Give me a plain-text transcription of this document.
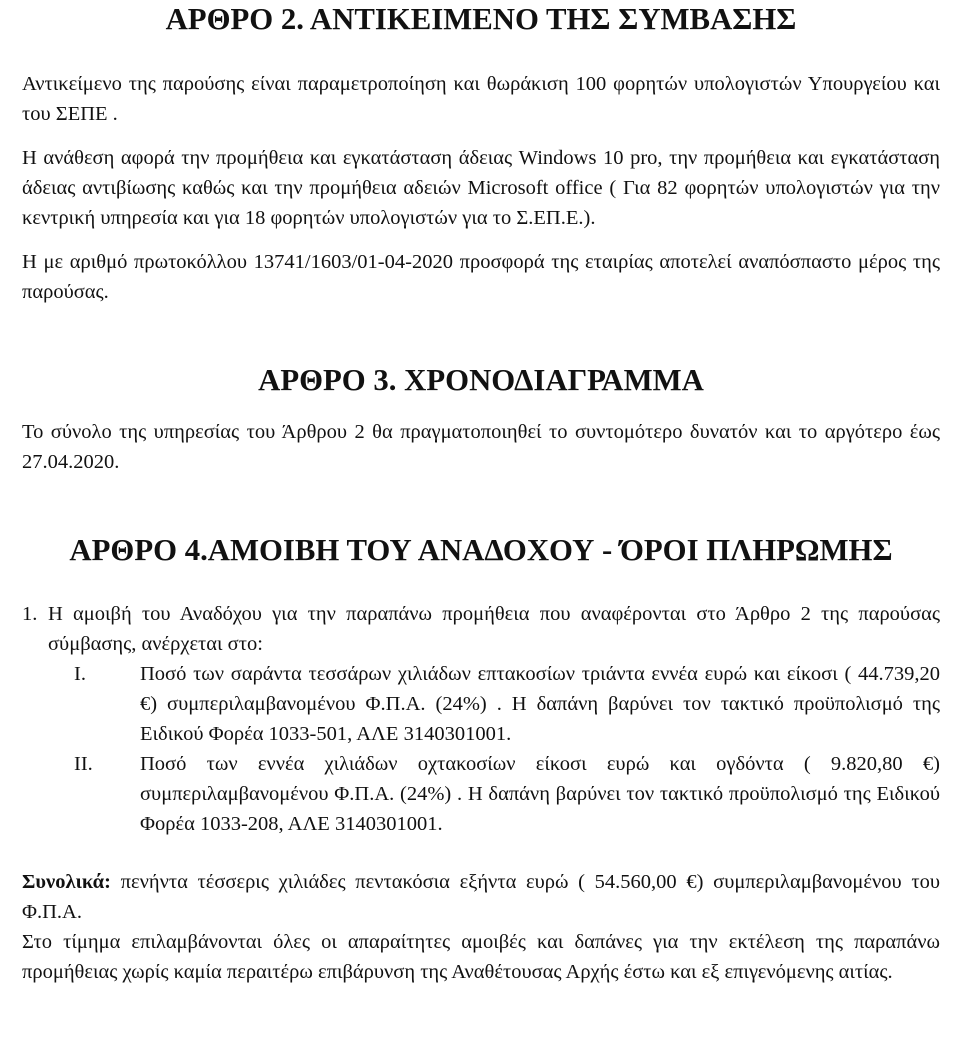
ΑΡΘΡΟ 2. ΑΝΤΙΚΕΙΜΕΝΟ ΤΗΣ ΣΥΜΒΑΣΗΣ

Αντικείμενο της παρούσης είναι παραμετροποίηση και θωράκιση 100 φορητών υπολογιστών Υπουργείου και του ΣΕΠΕ .

Η ανάθεση αφορά την προμήθεια και εγκατάσταση άδειας Windows 10 pro, την προμήθεια και εγκατάσταση άδειας αντιβίωσης καθώς και την προμήθεια αδειών Microsoft office ( Για 82 φορητών υπολογιστών για την κεντρική υπηρεσία και για 18 φορητών υπολογιστών για το Σ.ΕΠ.Ε.).

Η με αριθμό πρωτοκόλλου 13741/1603/01-04-2020 προσφορά της εταιρίας αποτελεί αναπόσπαστο μέρος της παρούσας.

ΑΡΘΡΟ 3. ΧΡΟΝΟΔΙΑΓΡΑΜΜΑ

Το σύνολο της υπηρεσίας του Άρθρου 2 θα πραγματοποιηθεί το συντομότερο δυνατόν και το αργότερο έως 27.04.2020.

ΑΡΘΡΟ 4.ΑΜΟΙΒΗ ΤΟΥ ΑΝΑΔΟΧΟΥ - ΌΡΟΙ ΠΛΗΡΩΜΗΣ
1. Η αμοιβή του Αναδόχου για την παραπάνω προμήθεια που αναφέρονται στο Άρθρο 2 της παρούσας σύμβασης, ανέρχεται στο:

I.	Ποσό των σαράντα τεσσάρων χιλιάδων επτακοσίων τριάντα εννέα ευρώ και είκοσι ( 44.739,20 €) συμπεριλαμβανομένου Φ.Π.Α. (24%) . Η δαπάνη βαρύνει τον τακτικό προϋπολισμό της Ειδικού Φορέα 1033-501, ΑΛΕ 3140301001.

II.	Ποσό των εννέα χιλιάδων οχτακοσίων είκοσι ευρώ και ογδόντα ( 9.820,80 €) συμπεριλαμβανομένου Φ.Π.Α. (24%) . Η δαπάνη βαρύνει τον τακτικό προϋπολισμό της Ειδικού Φορέα 1033-208, ΑΛΕ 3140301001.

Συνολικά: πενήντα τέσσερις χιλιάδες πεντακόσια εξήντα ευρώ ( 54.560,00 €) συμπεριλαμβανομένου του Φ.Π.Α.

Στο τίμημα επιλαμβάνονται όλες οι απαραίτητες αμοιβές και δαπάνες για την εκτέλεση της παραπάνω προμήθειας χωρίς καμία περαιτέρω επιβάρυνση της Αναθέτουσας Αρχής έστω και εξ επιγενόμενης αιτίας.
